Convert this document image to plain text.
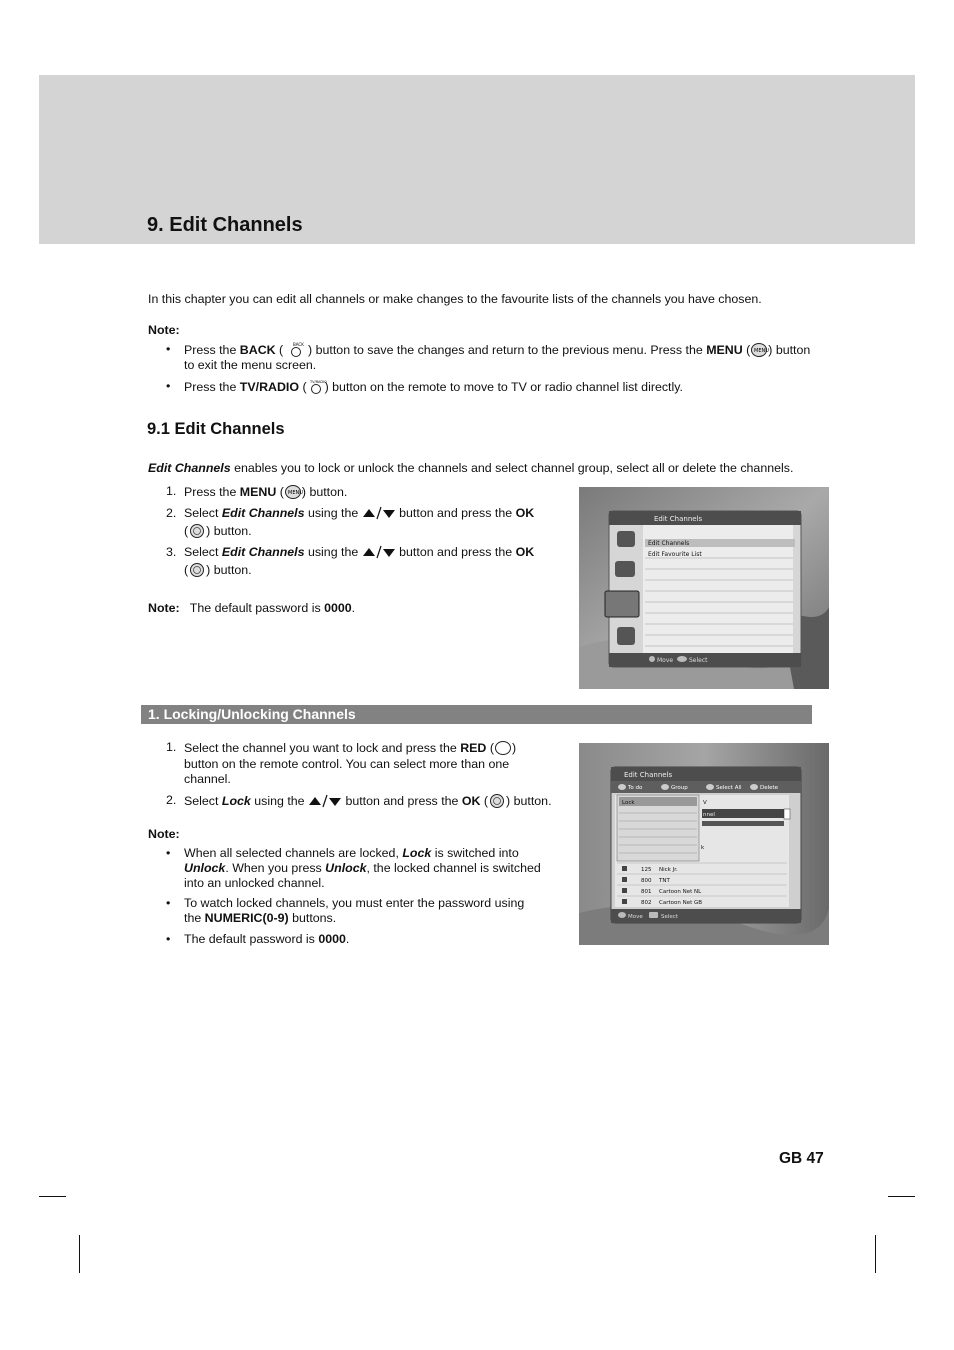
9. Edit Channels
In this chapter you can edit all channels or make changes to the favourite lists of the channels you have chosen.
Note:
• Press the BACK ( BACK ) button to save the changes and return to the previous menu. Press the MENU ( MENU ) button
to exit the menu screen.
• Press the TV/RADIO ( TV/RADIO
) button on the remote to move to TV or radio channel list directly.
9.1 Edit Channels
Edit Channels enables you to lock or unlock the channels and select channel group, select all or delete the channels.
1. Press the MENU ( MENU ) button.
2. Select Edit Channels using the	button and press the OK
( ) button.
3. Select Edit Channels using the	button and press the OK
( ) button.
Note: The default password is 0000.
Edit Channels
Edit Channels
Edit Favourite List
Move	Select
1. Locking/Unlocking Channels
1. Select the channel you want to lock and press the RED ( )
button on the remote control. You can select more than one
channel.
2. Select Lock using the	button and press the OK ( ) button.
Note:
• When all selected channels are locked, Lock is switched into
Unlock. When you press Unlock, the locked channel is switched
into an unlocked channel.
• To watch locked channels, you must enter the password using
the NUMERIC(0-9) buttons.
• The default password is 0000.
Edit Channels
To do	Group	Select All	Delete
Lock	V
nnel
k
125 Nick Jr.
800 TNT
801 Cartoon Net NL
802 Cartoon Net GB
Move	Select
GB 47
